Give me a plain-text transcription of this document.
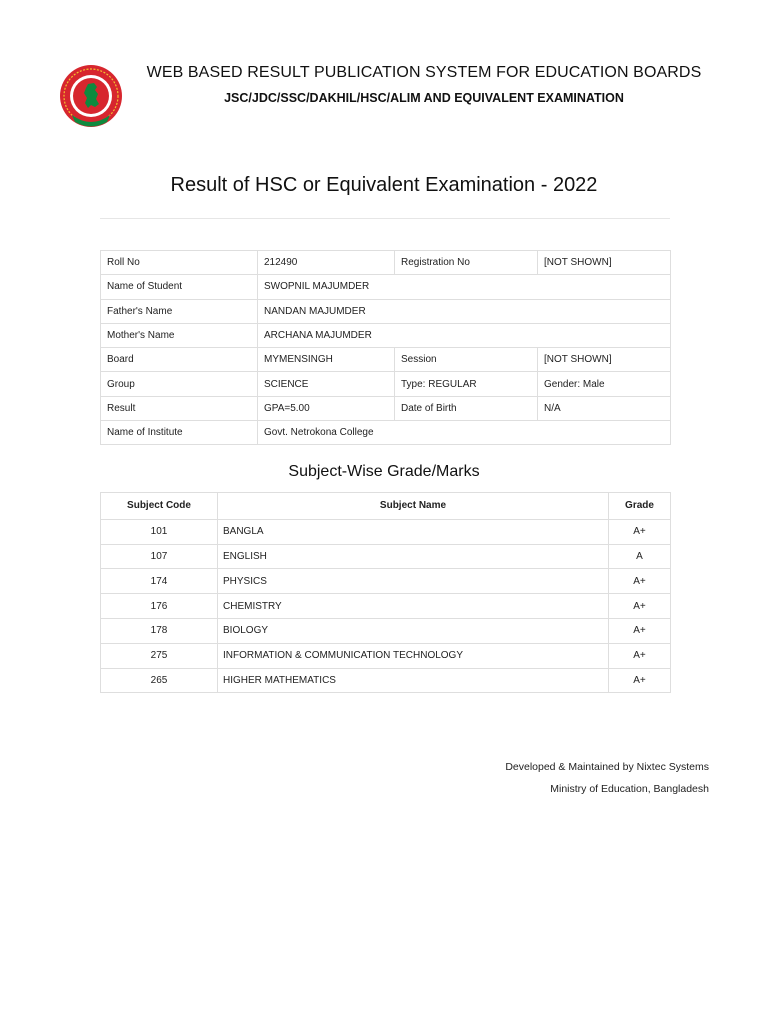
WEB BASED RESULT PUBLICATION SYSTEM FOR EDUCATION BOARDS
JSC/JDC/SSC/DAKHIL/HSC/ALIM AND EQUIVALENT EXAMINATION
Result of HSC or Equivalent Examination - 2022
Roll No	212490	Registration No	[NOT SHOWN]
Name of Student	SWOPNIL MAJUMDER		
Father's Name	NANDAN MAJUMDER		
Mother's Name	ARCHANA MAJUMDER		
Board	MYMENSINGH	Session	[NOT SHOWN]
Group	SCIENCE	Type: REGULAR	Gender: Male
Result	GPA=5.00	Date of Birth	N/A
Name of Institute	Govt. Netrokona College		
Subject-Wise Grade/Marks
Subject Code	Subject Name	Grade
101	BANGLA	A+
107	ENGLISH	A
174	PHYSICS	A+
176	CHEMISTRY	A+
178	BIOLOGY	A+
275	INFORMATION & COMMUNICATION TECHNOLOGY	A+
265	HIGHER MATHEMATICS	A+
Developed & Maintained by Nixtec Systems
Ministry of Education, Bangladesh
